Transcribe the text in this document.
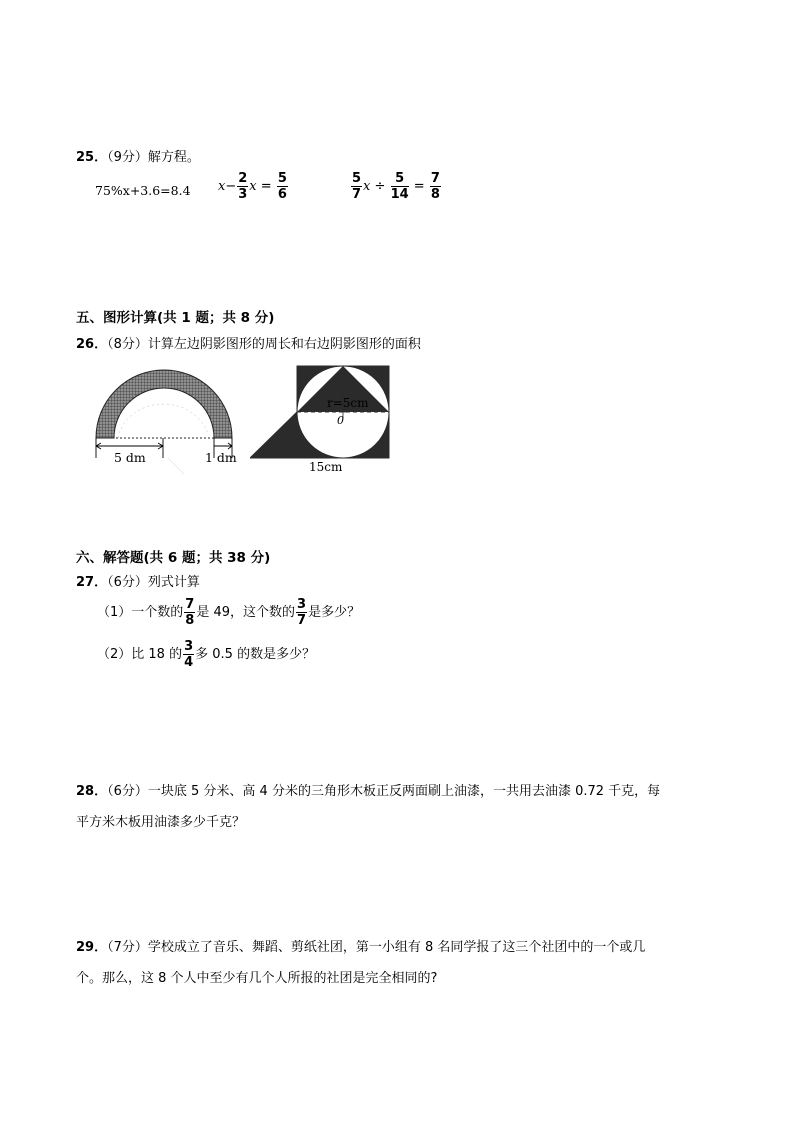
25．（9分）解方程。
75%x+3.6=8.4 $x- \frac{2}{3}$ $x = \frac{5}{6}$	$\frac{5}{7}$ $x \div \frac{5}{14} = \frac{7}{8}$
五、图形计算(共 1 题；共 8 分)
26．（8分）计算左边阴影图形的周长和右边阴影图形的面积
5 dm	1 dm
r=5cm
0
15cm
六、解答题(共 6 题；共 38 分)
27．（6分）列式计算
（1）一个数的 $\frac{7}{8}$ 是 49，这个数的 $\frac{3}{7}$ 是多少？
（2）比 18 的 $\frac{3}{4}$ 多 0.5 的数是多少？
28．（6分）一块底 5 分米、高 4 分米的三角形木板正反两面刷上油漆，一共用去油漆 0.72 千克，每
平方米木板用油漆多少千克？
29．（7分）学校成立了音乐、舞蹈、剪纸社团，第一小组有 8 名同学报了这三个社团中的一个或几
个。那么，这 8 个人中至少有几个人所报的社团是完全相同的?
